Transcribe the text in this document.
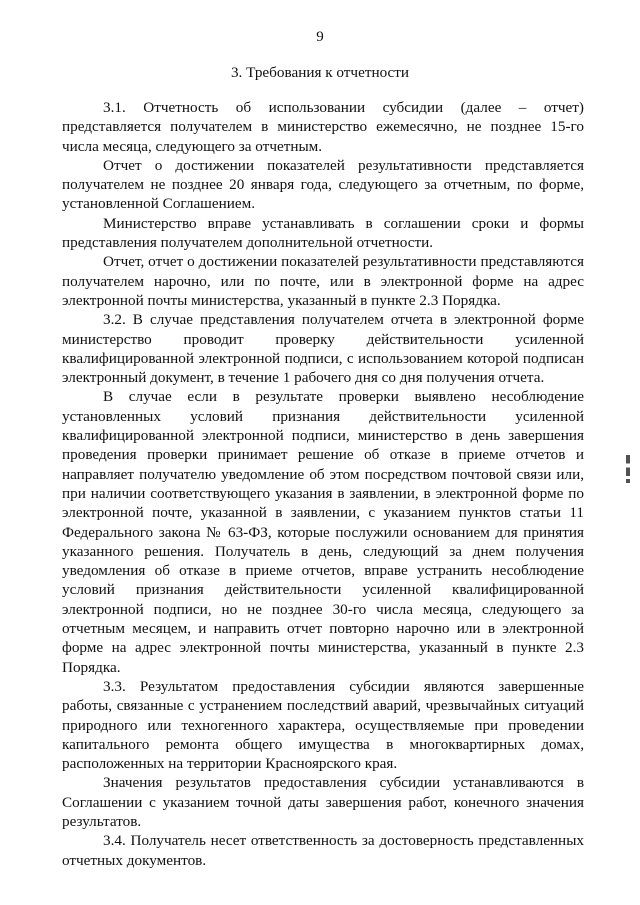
9
3. Требования к отчетности

3.1. Отчетность об использовании субсидии (далее – отчет) представляется получателем в министерство ежемесячно, не позднее 15-го числа месяца, следующего за отчетным.

Отчет о достижении показателей результативности представляется получателем не позднее 20 января года, следующего за отчетным, по форме, установленной Соглашением.

Министерство вправе устанавливать в соглашении сроки и формы представления получателем дополнительной отчетности.

Отчет, отчет о достижении показателей результативности представляются получателем нарочно, или по почте, или в электронной форме на адрес электронной почты министерства, указанный в пункте 2.3 Порядка.

3.2. В случае представления получателем отчета в электронной форме министерство проводит проверку действительности усиленной квалифицированной электронной подписи, с использованием которой подписан электронный документ, в течение 1 рабочего дня со дня получения отчета.

В случае если в результате проверки выявлено несоблюдение установленных условий признания действительности усиленной квалифицированной электронной подписи, министерство в день завершения проведения проверки принимает решение об отказе в приеме отчетов и направляет получателю уведомление об этом посредством почтовой связи или, при наличии соответствующего указания в заявлении, в электронной форме по электронной почте, указанной в заявлении, с указанием пунктов статьи 11 Федерального закона № 63-ФЗ, которые послужили основанием для принятия указанного решения. Получатель в день, следующий за днем получения уведомления об отказе в приеме отчетов, вправе устранить несоблюдение условий признания действительности усиленной квалифицированной электронной подписи, но не позднее 30-го числа месяца, следующего за отчетным месяцем, и направить отчет повторно нарочно или в электронной форме на адрес электронной почты министерства, указанный в пункте 2.3 Порядка.

3.3. Результатом предоставления субсидии являются завершенные работы, связанные с устранением последствий аварий, чрезвычайных ситуаций природного или техногенного характера, осуществляемые при проведении капитального ремонта общего имущества в многоквартирных домах, расположенных на территории Красноярского края.

Значения результатов предоставления субсидии устанавливаются в Соглашении с указанием точной даты завершения работ, конечного значения результатов.

3.4. Получатель несет ответственность за достоверность представленных отчетных документов.
